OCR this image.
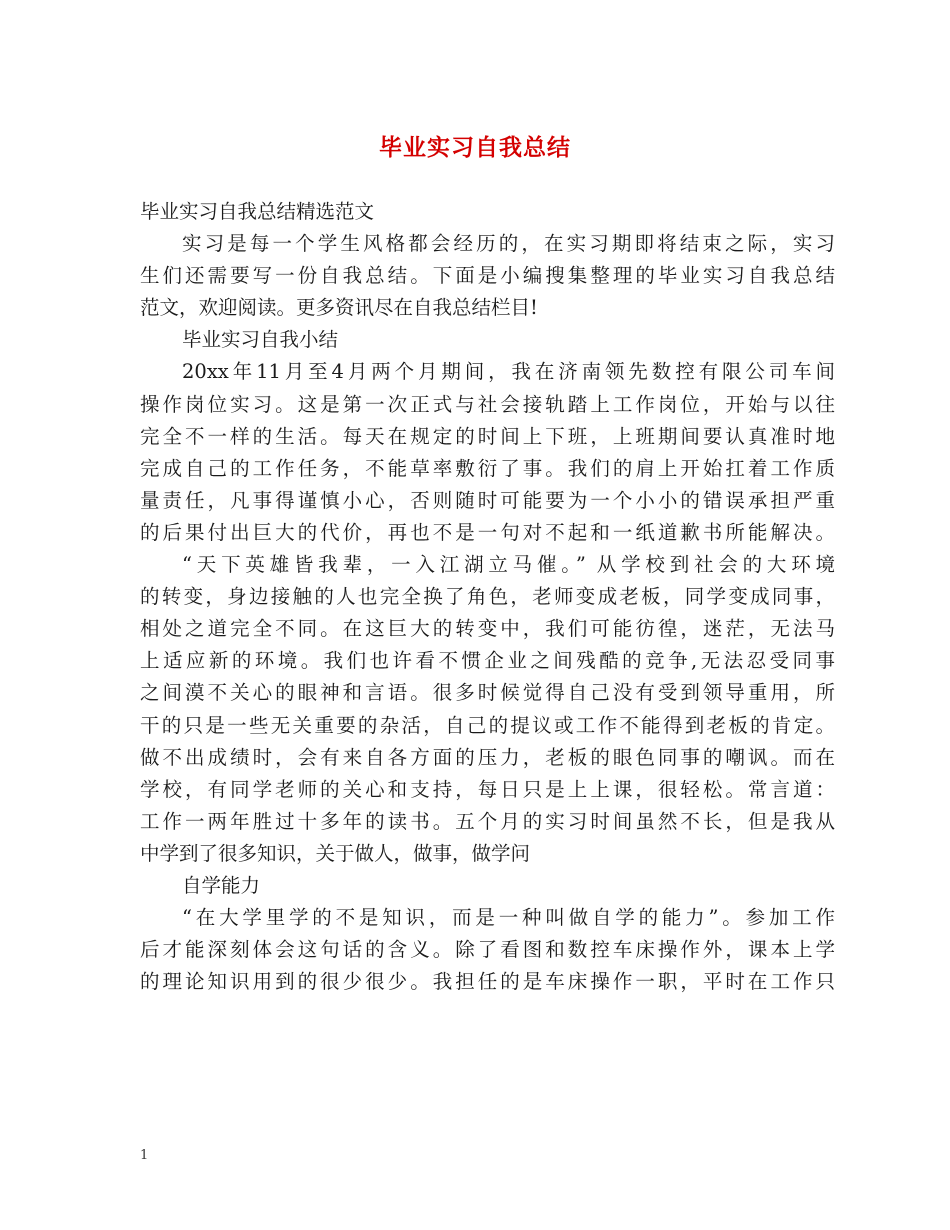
毕业实习自我总结
毕业实习自我总结精选范文
实习是每一个学生风格都会经历的，在实习期即将结束之际，实习
生们还需要写一份自我总结。下面是小编搜集整理的毕业实习自我总结
范文，欢迎阅读。更多资讯尽在自我总结栏目!
毕业实习自我小结
20xx年11月至4月两个月期间，我在济南领先数控有限公司车间
操作岗位实习。这是第一次正式与社会接轨踏上工作岗位，开始与以往
完全不一样的生活。每天在规定的时间上下班，上班期间要认真准时地
完成自己的工作任务，不能草率敷衍了事。我们的肩上开始扛着工作质
量责任，凡事得谨慎小心，否则随时可能要为一个小小的错误承担严重
的后果付出巨大的代价，再也不是一句对不起和一纸道歉书所能解决。
“天下英雄皆我辈，一入江湖立马催。” 从学校到社会的大环境
的转变，身边接触的人也完全换了角色，老师变成老板，同学变成同事，
相处之道完全不同。在这巨大的转变中，我们可能彷徨，迷茫，无法马
上适应新的环境。我们也许看不惯企业之间残酷的竞争,无法忍受同事
之间漠不关心的眼神和言语。很多时候觉得自己没有受到领导重用，所
干的只是一些无关重要的杂活，自己的提议或工作不能得到老板的肯定。
做不出成绩时，会有来自各方面的压力，老板的眼色同事的嘲讽。而在
学校，有同学老师的关心和支持，每日只是上上课，很轻松。常言道：
工作一两年胜过十多年的读书。五个月的实习时间虽然不长，但是我从
中学到了很多知识，关于做人，做事，做学问
自学能力
“在大学里学的不是知识，而是一种叫做自学的能力”。参加工作
后才能深刻体会这句话的含义。除了看图和数控车床操作外，课本上学
的理论知识用到的很少很少。我担任的是车床操作一职，平时在工作只
1
